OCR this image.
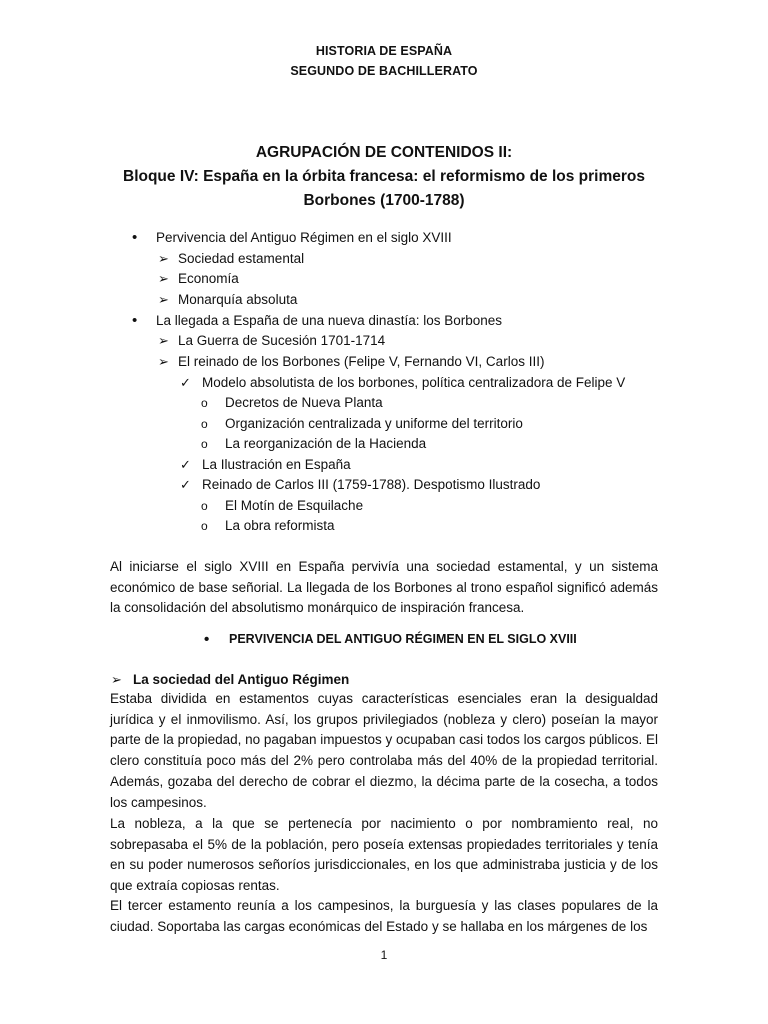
HISTORIA DE ESPAÑA
SEGUNDO DE BACHILLERATO
AGRUPACIÓN DE CONTENIDOS II:
Bloque IV: España en la órbita francesa: el reformismo de los primeros
Borbones (1700-1788)
• Pervivencia del Antiguo Régimen en el siglo XVIII
➢ Sociedad estamental
➢ Economía
➢ Monarquía absoluta
• La llegada a España de una nueva dinastía: los Borbones
➢ La Guerra de Sucesión 1701-1714
➢ El reinado de los Borbones (Felipe V, Fernando VI, Carlos III)
✓ Modelo absolutista de los borbones, política centralizadora de Felipe V
o Decretos de Nueva Planta
o Organización centralizada y uniforme del territorio
o La reorganización de la Hacienda
✓ La Ilustración en España
✓ Reinado de Carlos III (1759-1788). Despotismo Ilustrado
o El Motín de Esquilache
o La obra reformista
Al iniciarse el siglo XVIII en España pervivía una sociedad estamental, y un sistema económico de base señorial. La llegada de los Borbones al trono español significó además la consolidación del absolutismo monárquico de inspiración francesa.
• PERVIVENCIA DEL ANTIGUO RÉGIMEN EN EL SIGLO XVIII
➢ La sociedad del Antiguo Régimen
Estaba dividida en estamentos cuyas características esenciales eran la desigualdad jurídica y el inmovilismo. Así, los grupos privilegiados (nobleza y clero) poseían la mayor parte de la propiedad, no pagaban impuestos y ocupaban casi todos los cargos públicos. El clero constituía poco más del 2% pero controlaba más del 40% de la propiedad territorial. Además, gozaba del derecho de cobrar el diezmo, la décima parte de la cosecha, a todos los campesinos.
La nobleza, a la que se pertenecía por nacimiento o por nombramiento real, no sobrepasaba el 5% de la población, pero poseía extensas propiedades territoriales y tenía en su poder numerosos señoríos jurisdiccionales, en los que administraba justicia y de los que extraía copiosas rentas.
El tercer estamento reunía a los campesinos, la burguesía y las clases populares de la ciudad. Soportaba las cargas económicas del Estado y se hallaba en los márgenes de los
1
